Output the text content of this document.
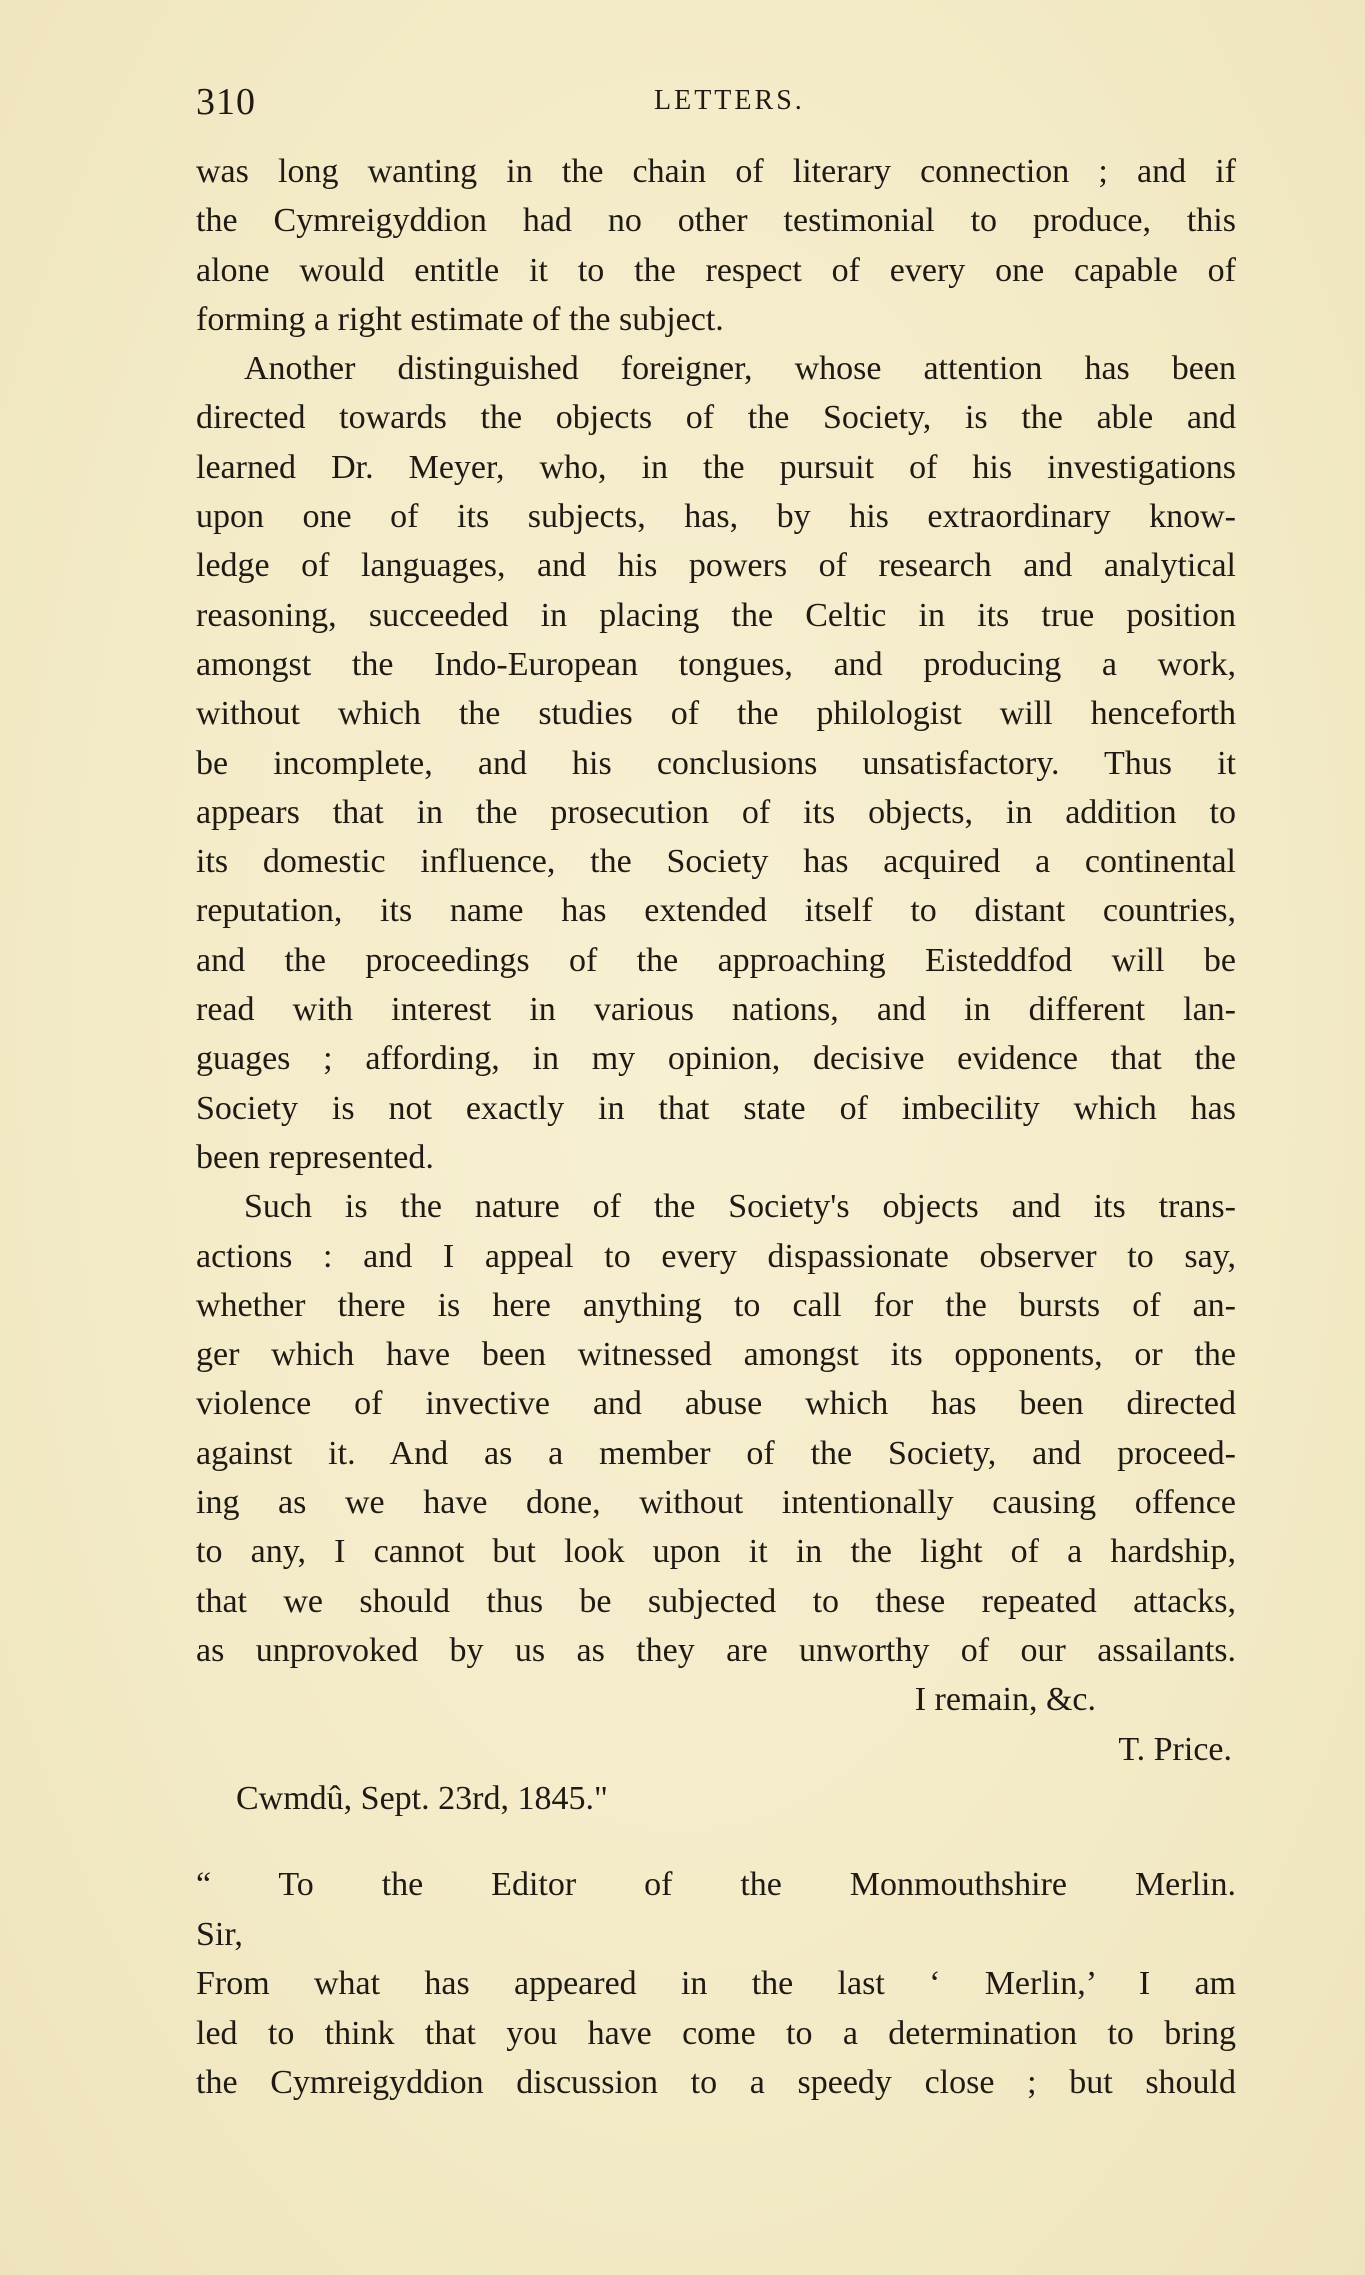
310	LETTERS.
was long wanting in the chain of literary connection ; and if
the Cymreigyddion had no other testimonial to produce, this
alone would entitle it to the respect of every one capable of
forming a right estimate of the subject.
Another distinguished foreigner, whose attention has been
directed towards the objects of the Society, is the able and
learned Dr. Meyer, who, in the pursuit of his investigations
upon one of its subjects, has, by his extraordinary know-
ledge of languages, and his powers of research and analytical
reasoning, succeeded in placing the Celtic in its true position
amongst the Indo-European tongues, and producing a work,
without which the studies of the philologist will henceforth
be incomplete, and his conclusions unsatisfactory. Thus it
appears that in the prosecution of its objects, in addition to
its domestic influence, the Society has acquired a continental
reputation, its name has extended itself to distant countries,
and the proceedings of the approaching Eisteddfod will be
read with interest in various nations, and in different lan-
guages ; affording, in my opinion, decisive evidence that the
Society is not exactly in that state of imbecility which has
been represented.
Such is the nature of the Society's objects and its trans-
actions : and I appeal to every dispassionate observer to say,
whether there is here anything to call for the bursts of an-
ger which have been witnessed amongst its opponents, or the
violence of invective and abuse which has been directed
against it. And as a member of the Society, and proceed-
ing as we have done, without intentionally causing offence
to any, I cannot but look upon it in the light of a hardship,
that we should thus be subjected to these repeated attacks,
as unprovoked by us as they are unworthy of our assailants.
I remain, &c.
T. Price.
Cwmdû, Sept. 23rd, 1845."
“ To the Editor of the Monmouthshire Merlin.
Sir,
From what has appeared in the last ‘ Merlin,’ I am
led to think that you have come to a determination to bring
the Cymreigyddion discussion to a speedy close ; but should
